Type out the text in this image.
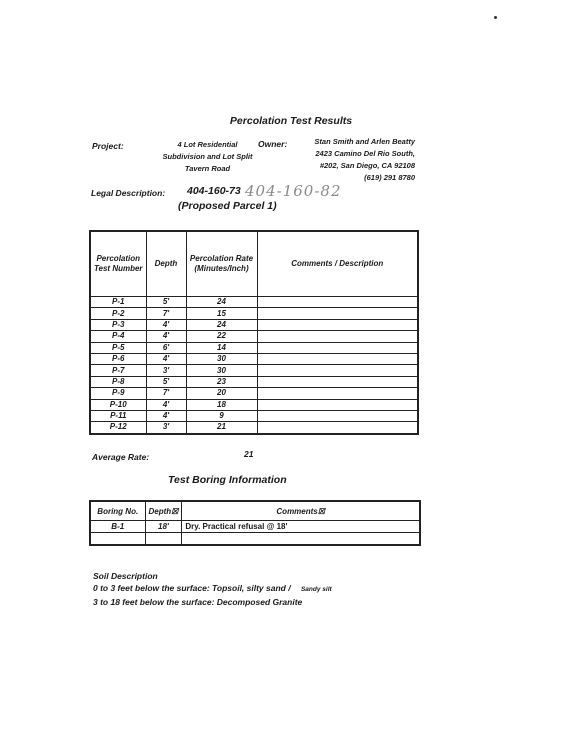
Percolation Test Results
Project:	4 Lot Residential
Subdivision and Lot Split
Tavern Road
Owner:	Stan Smith and Arlen Beatty
2423 Camino Del Rio South,
#202, San Diego, CA 92108
(619) 291 8780
Legal Description: 404-160-73 404-160-82
(Proposed Parcel 1)
Percolation Test Number	Depth	Percolation Rate (Minutes/Inch)	Comments / Description
P-1	5'	24	
P-2	7'	15	
P-3	4'	24	
P-4	4'	22	
P-5	6'	14	
P-6	4'	30	
P-7	3'	30	
P-8	5'	23	
P-9	7'	20	
P-10	4'	18	
P-11	4'	9	
P-12	3'	21	
Average Rate:	21
Test Boring Information
Boring No.	Depth☒	Comments☒
B-1	18'	Dry. Practical refusal @ 18'

Soil Description
0 to 3 feet below the surface: Topsoil, silty sand / Sandy silt
3 to 18 feet below the surface: Decomposed Granite
